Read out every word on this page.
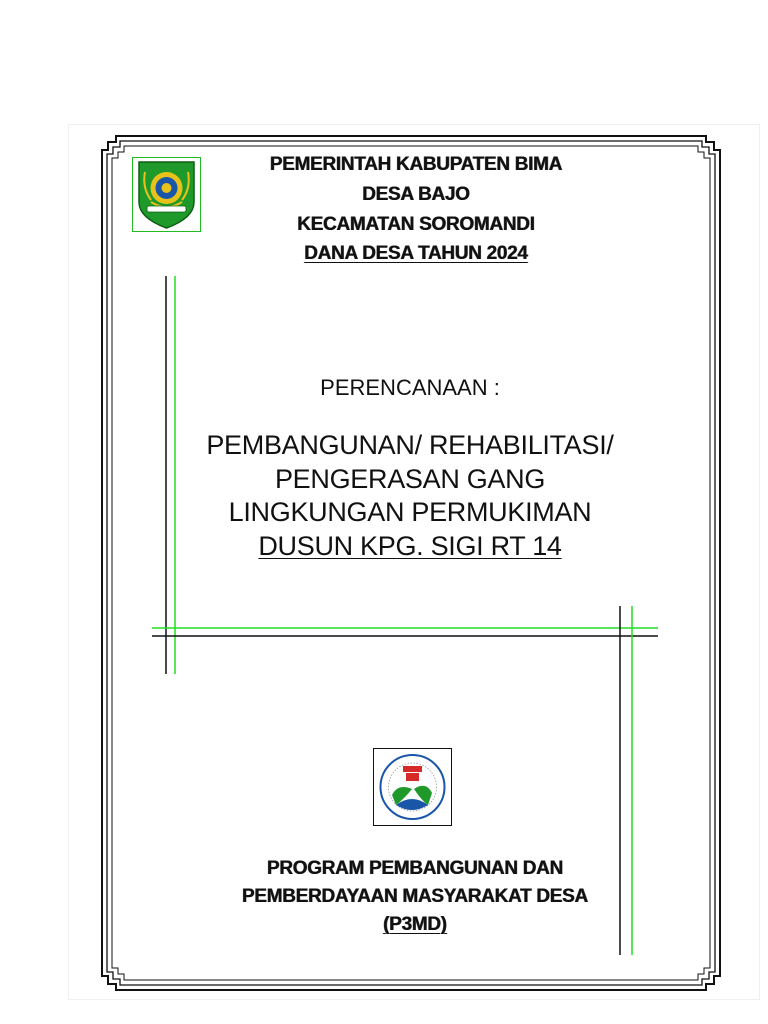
PEMERINTAH KABUPATEN BIMA
DESA BAJO
KECAMATAN SOROMANDI
DANA DESA TAHUN 2024
PERENCANAAN :
PEMBANGUNAN/ REHABILITASI/
PENGERASAN GANG
LINGKUNGAN PERMUKIMAN
DUSUN KPG. SIGI RT 14
PROGRAM PEMBANGUNAN DAN
PEMBERDAYAAN MASYARAKAT DESA
(P3MD)
